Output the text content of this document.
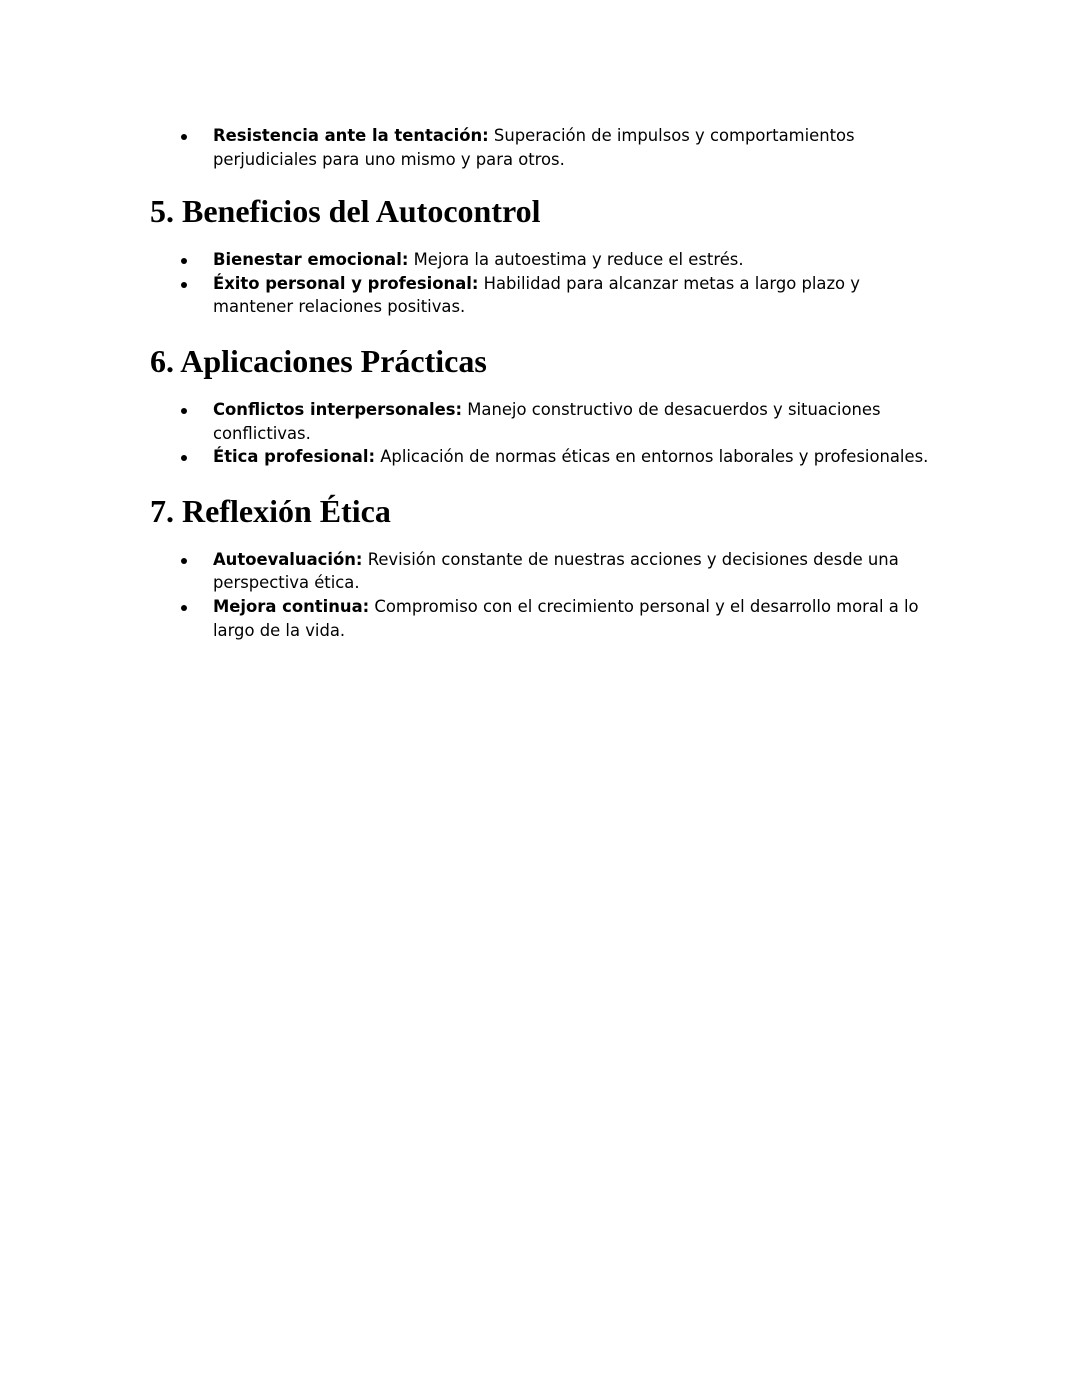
Resistencia ante la tentación: Superación de impulsos y comportamientos perjudiciales para uno mismo y para otros.
5. Beneficios del Autocontrol
Bienestar emocional: Mejora la autoestima y reduce el estrés.
Éxito personal y profesional: Habilidad para alcanzar metas a largo plazo y mantener relaciones positivas.
6. Aplicaciones Prácticas
Conflictos interpersonales: Manejo constructivo de desacuerdos y situaciones conflictivas.
Ética profesional: Aplicación de normas éticas en entornos laborales y profesionales.
7. Reflexión Ética
Autoevaluación: Revisión constante de nuestras acciones y decisiones desde una perspectiva ética.
Mejora continua: Compromiso con el crecimiento personal y el desarrollo moral a lo largo de la vida.
